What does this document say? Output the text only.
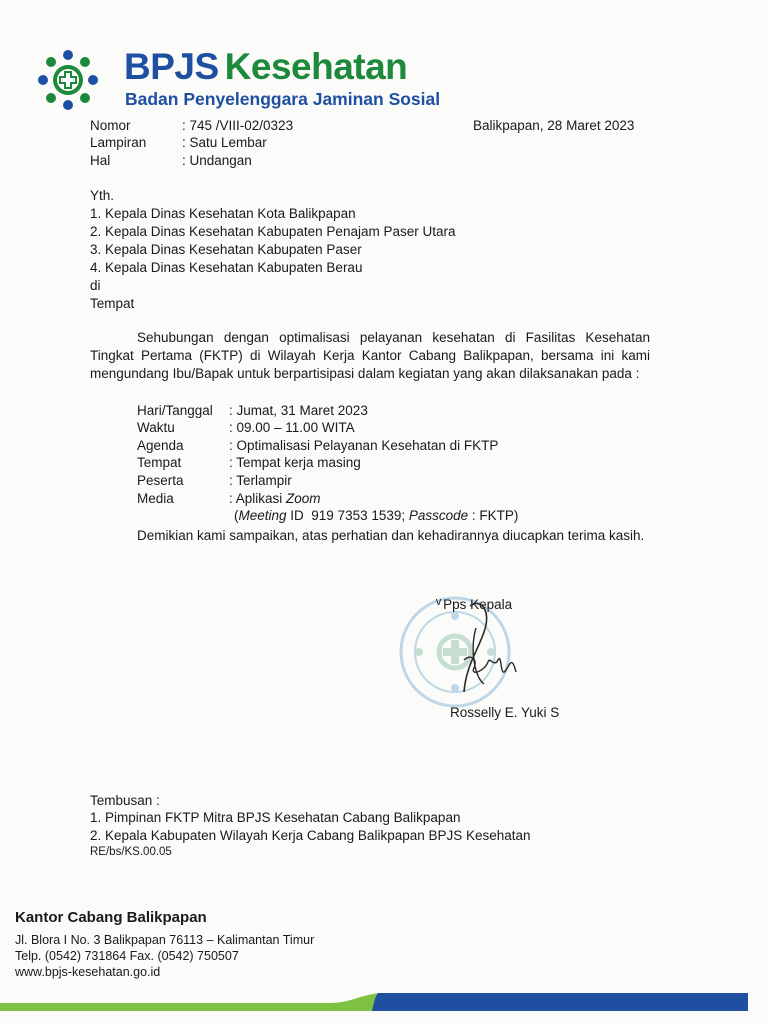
BPJS Kesehatan
Badan Penyelenggara Jaminan Sosial
Nomor	: 745 /VIII-02/0323
Lampiran	: Satu Lembar
Hal	: Undangan
Balikpapan, 28 Maret 2023
Yth.
1. Kepala Dinas Kesehatan Kota Balikpapan
2. Kepala Dinas Kesehatan Kabupaten Penajam Paser Utara
3. Kepala Dinas Kesehatan Kabupaten Paser
4. Kepala Dinas Kesehatan Kabupaten Berau
di
Tempat
Sehubungan dengan optimalisasi pelayanan kesehatan di Fasilitas Kesehatan Tingkat Pertama (FKTP) di Wilayah Kerja Kantor Cabang Balikpapan, bersama ini kami mengundang Ibu/Bapak untuk berpartisipasi dalam kegiatan yang akan dilaksanakan pada :
Hari/Tanggal : Jumat, 31 Maret 2023
Waktu	: 09.00 – 11.00 WITA
Agenda	: Optimalisasi Pelayanan Kesehatan di FKTP
Tempat	: Tempat kerja masing
Peserta	: Terlampir
Media	: Aplikasi Zoom
(Meeting ID  919 7353 1539; Passcode : FKTP)
Demikian kami sampaikan, atas perhatian dan kehadirannya diucapkan terima kasih.
ᵛ Pps Kepala
Rosselly E. Yuki S
Tembusan :
1. Pimpinan FKTP Mitra BPJS Kesehatan Cabang Balikpapan
2. Kepala Kabupaten Wilayah Kerja Cabang Balikpapan BPJS Kesehatan
RE/bs/KS.00.05
Kantor Cabang Balikpapan
Jl. Blora I No. 3 Balikpapan 76113 – Kalimantan Timur
Telp. (0542) 731864 Fax. (0542) 750507
www.bpjs-kesehatan.go.id
